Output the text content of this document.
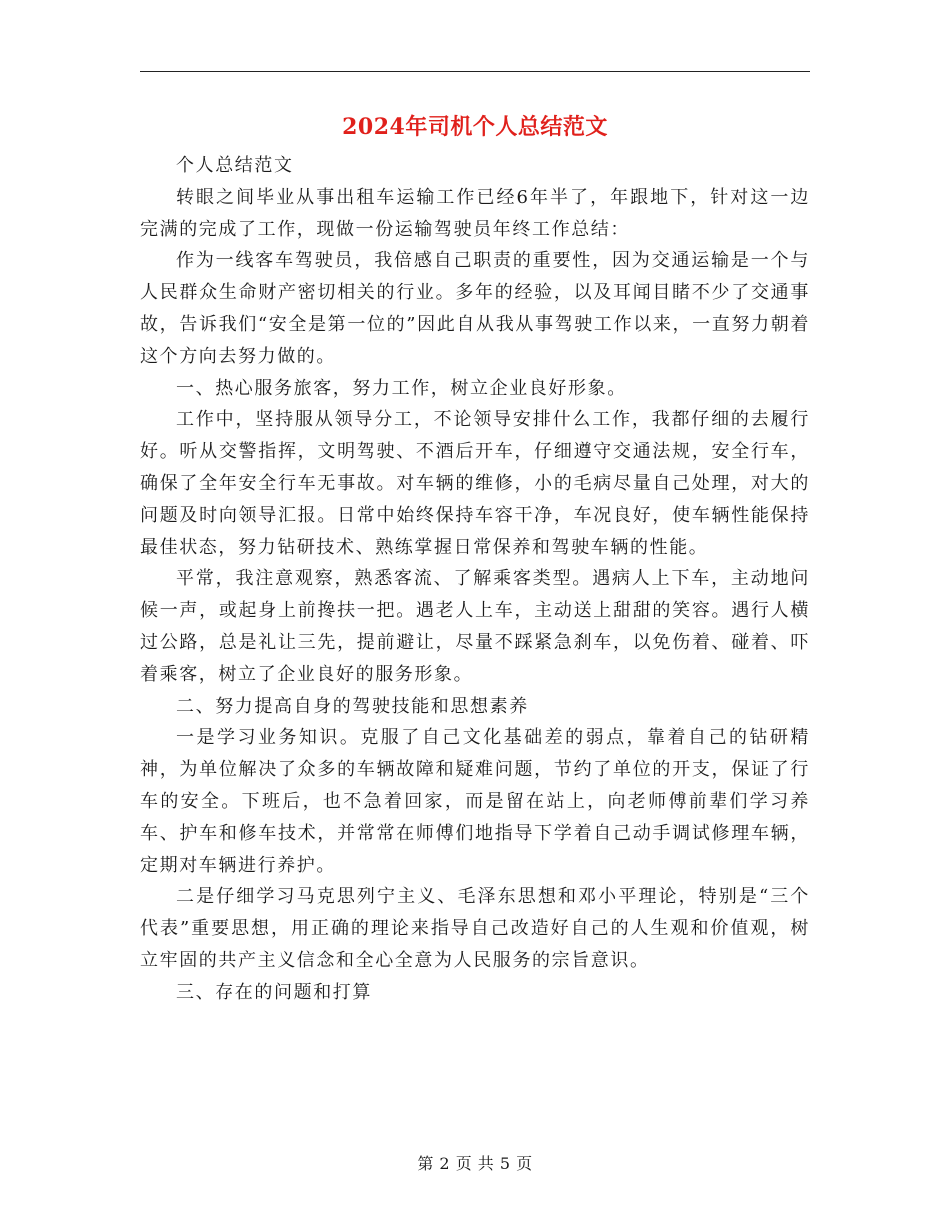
2024年司机个人总结范文

个人总结范文

转眼之间毕业从事出租车运输工作已经6年半了，年跟地下，针对这一边完满的完成了工作，现做一份运输驾驶员年终工作总结：

作为一线客车驾驶员，我倍感自己职责的重要性，因为交通运输是一个与人民群众生命财产密切相关的行业。多年的经验，以及耳闻目睹不少了交通事故，告诉我们“安全是第一位的”因此自从我从事驾驶工作以来，一直努力朝着这个方向去努力做的。

一、热心服务旅客，努力工作，树立企业良好形象。

工作中，坚持服从领导分工，不论领导安排什么工作，我都仔细的去履行好。听从交警指挥，文明驾驶、不酒后开车，仔细遵守交通法规，安全行车，确保了全年安全行车无事故。对车辆的维修，小的毛病尽量自己处理，对大的问题及时向领导汇报。日常中始终保持车容干净，车况良好，使车辆性能保持最佳状态，努力钻研技术、熟练掌握日常保养和驾驶车辆的性能。

平常，我注意观察，熟悉客流、了解乘客类型。遇病人上下车，主动地问候一声，或起身上前搀扶一把。遇老人上车，主动送上甜甜的笑容。遇行人横过公路，总是礼让三先，提前避让，尽量不踩紧急刹车，以免伤着、碰着、吓着乘客，树立了企业良好的服务形象。

二、努力提高自身的驾驶技能和思想素养

一是学习业务知识。克服了自己文化基础差的弱点，靠着自己的钻研精神，为单位解决了众多的车辆故障和疑难问题，节约了单位的开支，保证了行车的安全。下班后，也不急着回家，而是留在站上，向老师傅前辈们学习养车、护车和修车技术，并常常在师傅们地指导下学着自己动手调试修理车辆，定期对车辆进行养护。

二是仔细学习马克思列宁主义、毛泽东思想和邓小平理论，特别是“三个代表”重要思想，用正确的理论来指导自己改造好自己的人生观和价值观，树立牢固的共产主义信念和全心全意为人民服务的宗旨意识。

三、存在的问题和打算

第 2 页 共 5 页
